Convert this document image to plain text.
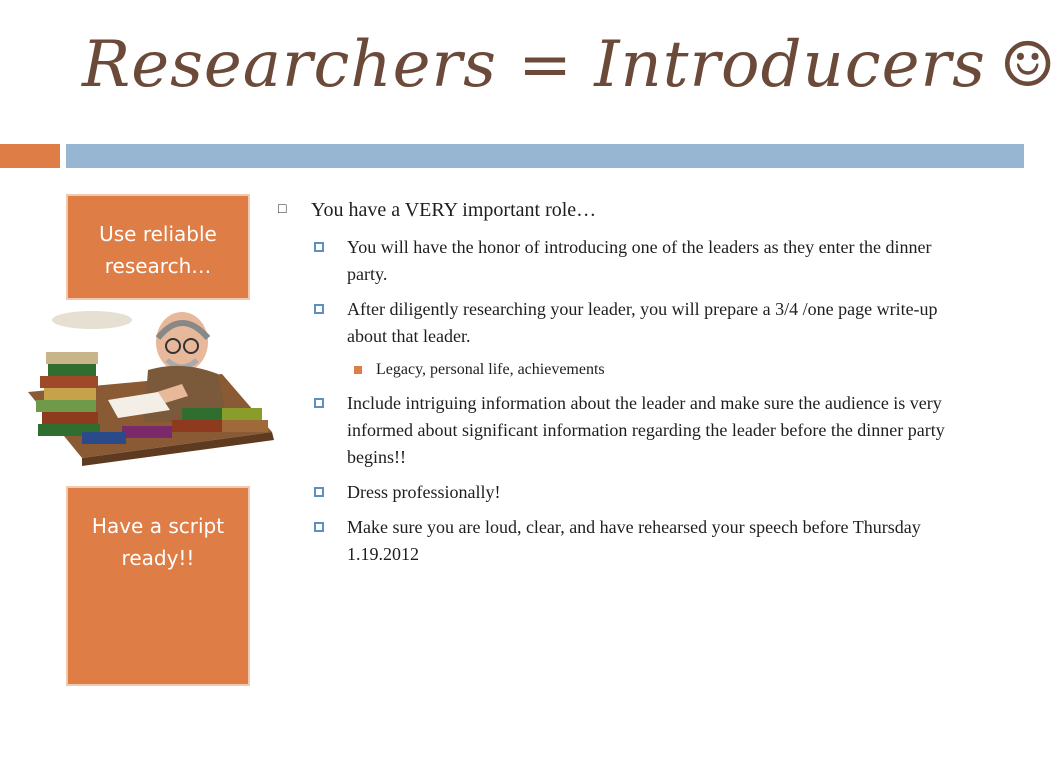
Researchers = Introducers ☺
Use reliable
research…
Have a script
ready!!
□	You have a VERY important role…
You will have the honor of introducing one of the leaders as they enter the dinner party.
After diligently researching your leader, you will prepare a 3/4 /one page write-up about that leader.
Legacy, personal life, achievements
Include intriguing information about the leader and make sure the audience is very informed about significant information regarding the leader before the dinner party begins!!
Dress professionally!
Make sure you are loud, clear, and have rehearsed your speech before Thursday 1.19.2012
